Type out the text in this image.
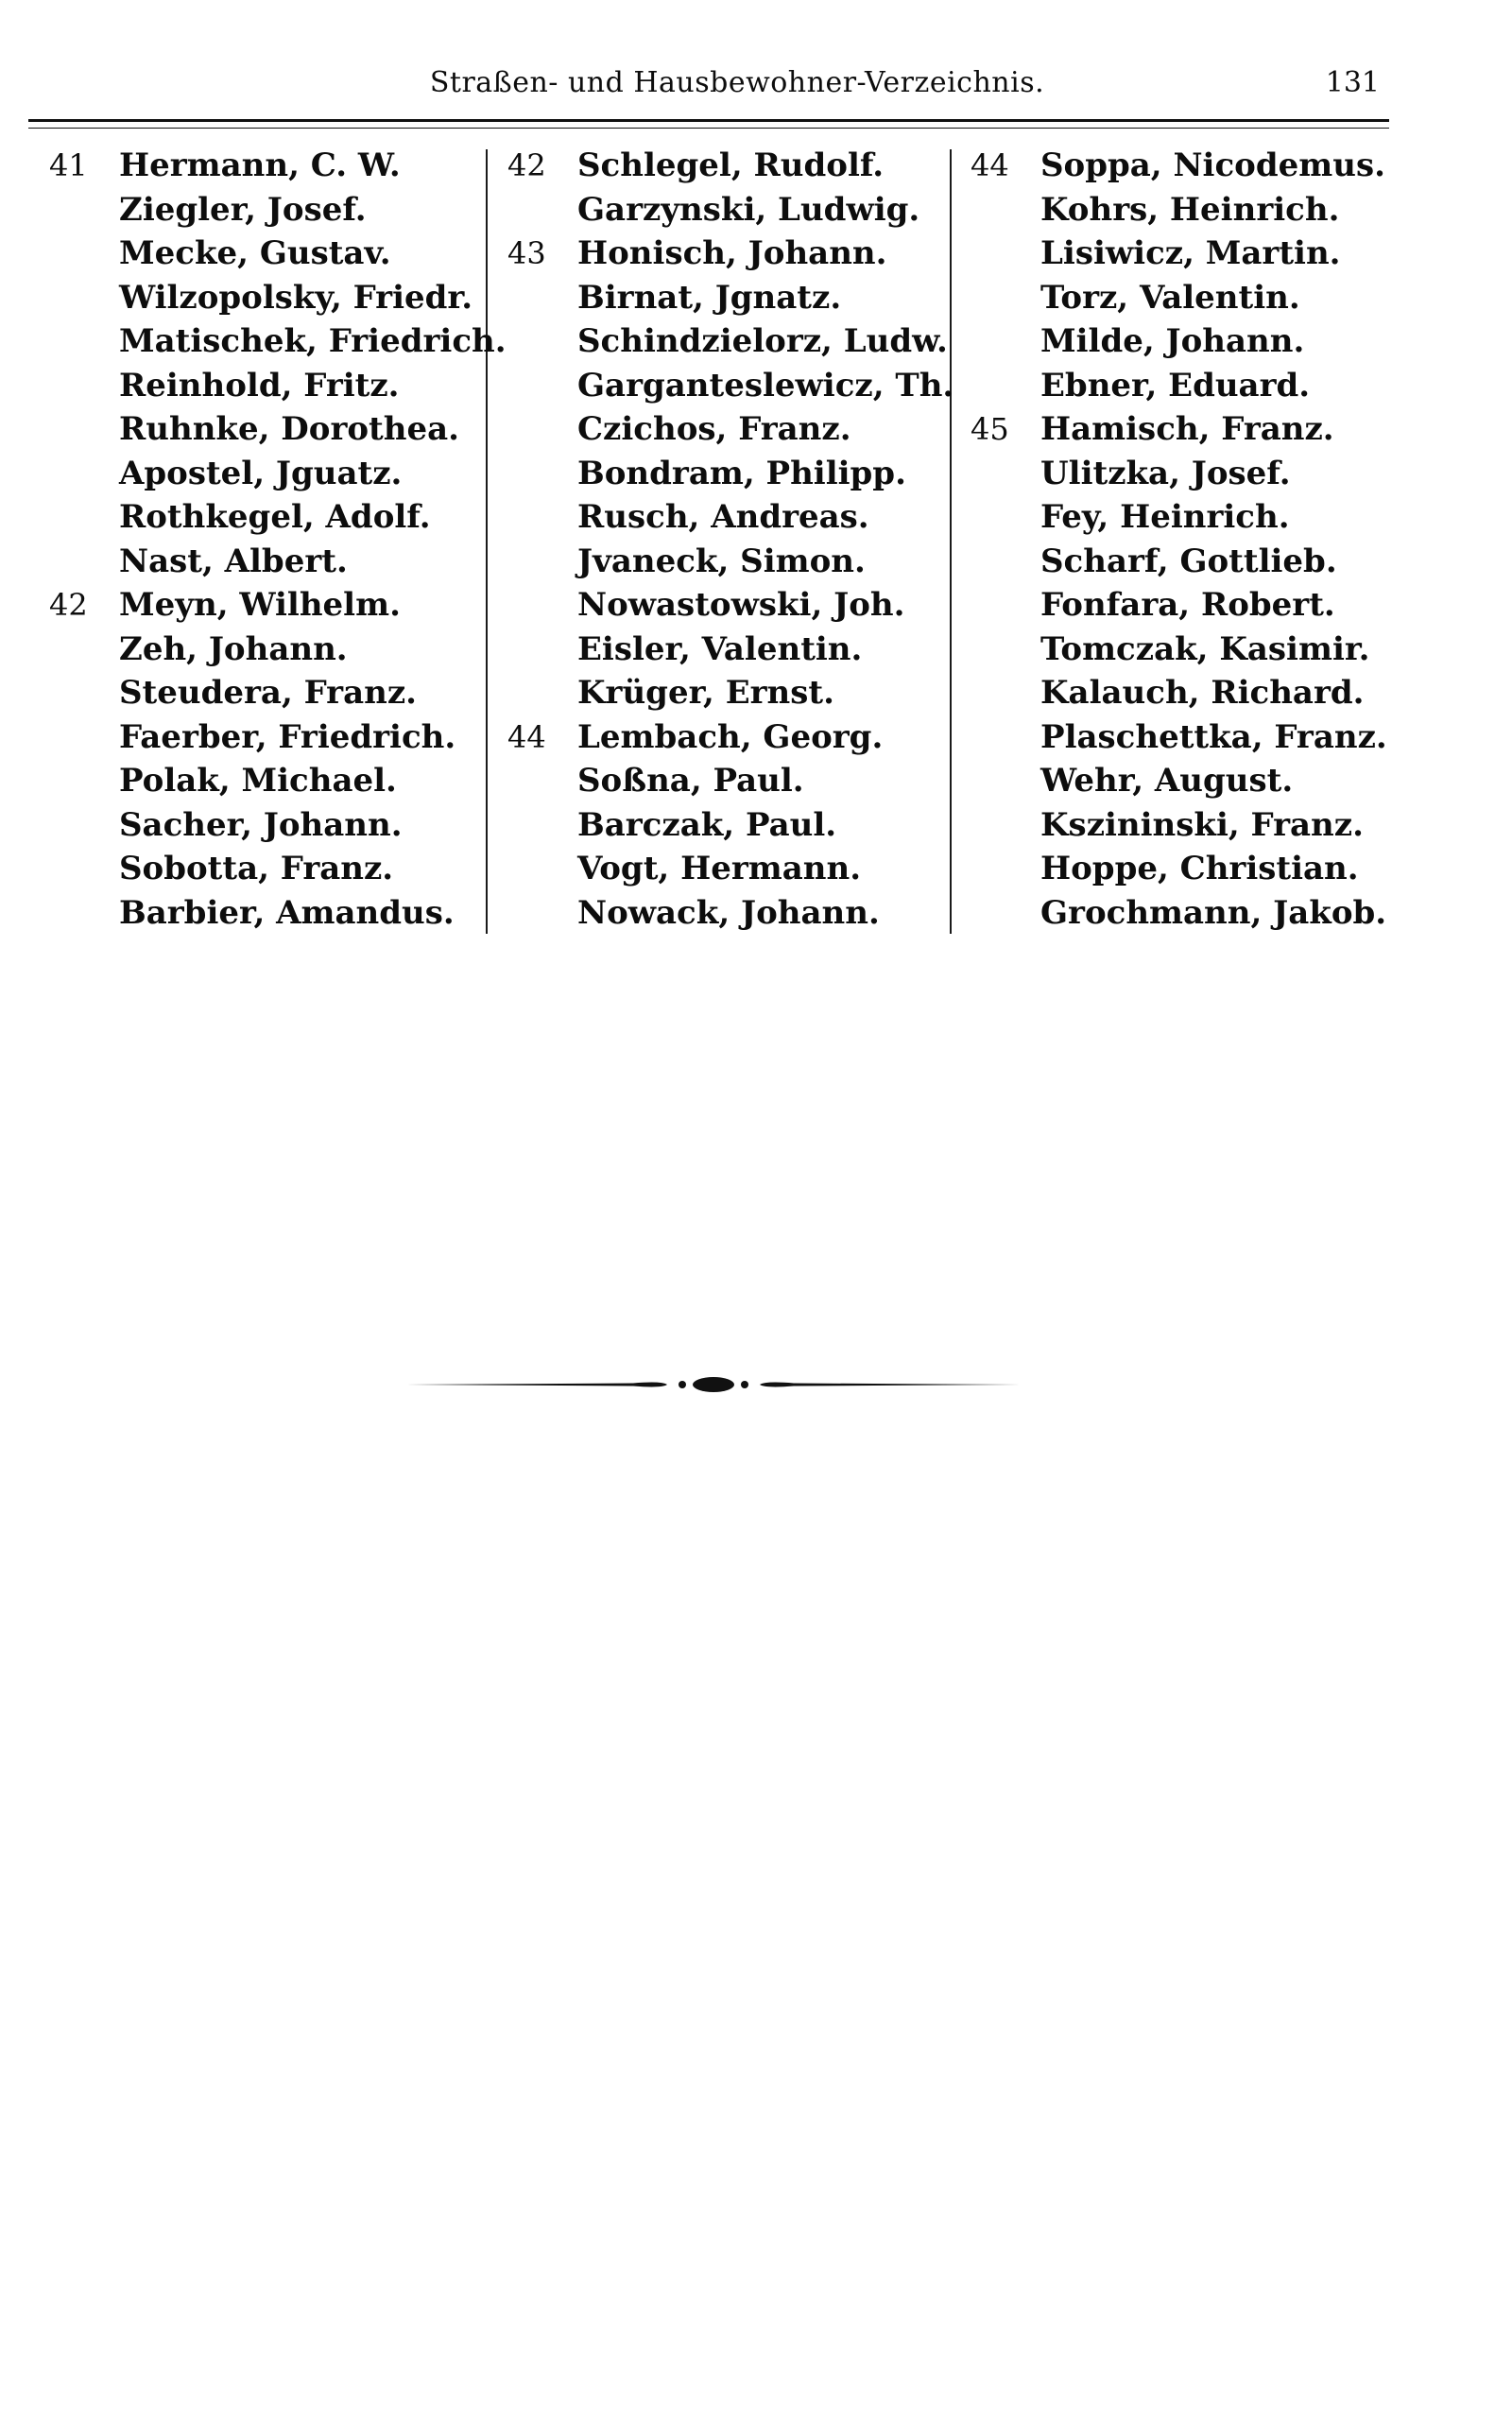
Straßen- und Hausbewohner-Verzeichnis.	131
41 Hermann, C. W.
Ziegler, Josef.
Mecke, Gustav.
Wilzopolsky, Friedr.
Matischek, Friedrich.
Reinhold, Fritz.
Ruhnke, Dorothea.
Apostel, Jguatz.
Rothkegel, Adolf.
Nast, Albert.
42 Meyn, Wilhelm.
Zeh, Johann.
Steudera, Franz.
Faerber, Friedrich.
Polak, Michael.
Sacher, Johann.
Sobotta, Franz.
Barbier, Amandus.
42 Schlegel, Rudolf.
Garzynski, Ludwig.
43 Honisch, Johann.
Birnat, Jgnatz.
Schindzielorz, Ludw.
Garganteslewicz, Th.
Czichos, Franz.
Bondram, Philipp.
Rusch, Andreas.
Jvaneck, Simon.
Nowastowski, Joh.
Eisler, Valentin.
Krüger, Ernst.
44 Lembach, Georg.
Soßna, Paul.
Barczak, Paul.
Vogt, Hermann.
Nowack, Johann.
44 Soppa, Nicodemus.
Kohrs, Heinrich.
Lisiwicz, Martin.
Torz, Valentin.
Milde, Johann.
Ebner, Eduard.
45 Hamisch, Franz.
Ulitzka, Josef.
Fey, Heinrich.
Scharf, Gottlieb.
Fonfara, Robert.
Tomczak, Kasimir.
Kalauch, Richard.
Plaschettka, Franz.
Wehr, August.
Kszininski, Franz.
Hoppe, Christian.
Grochmann, Jakob.
